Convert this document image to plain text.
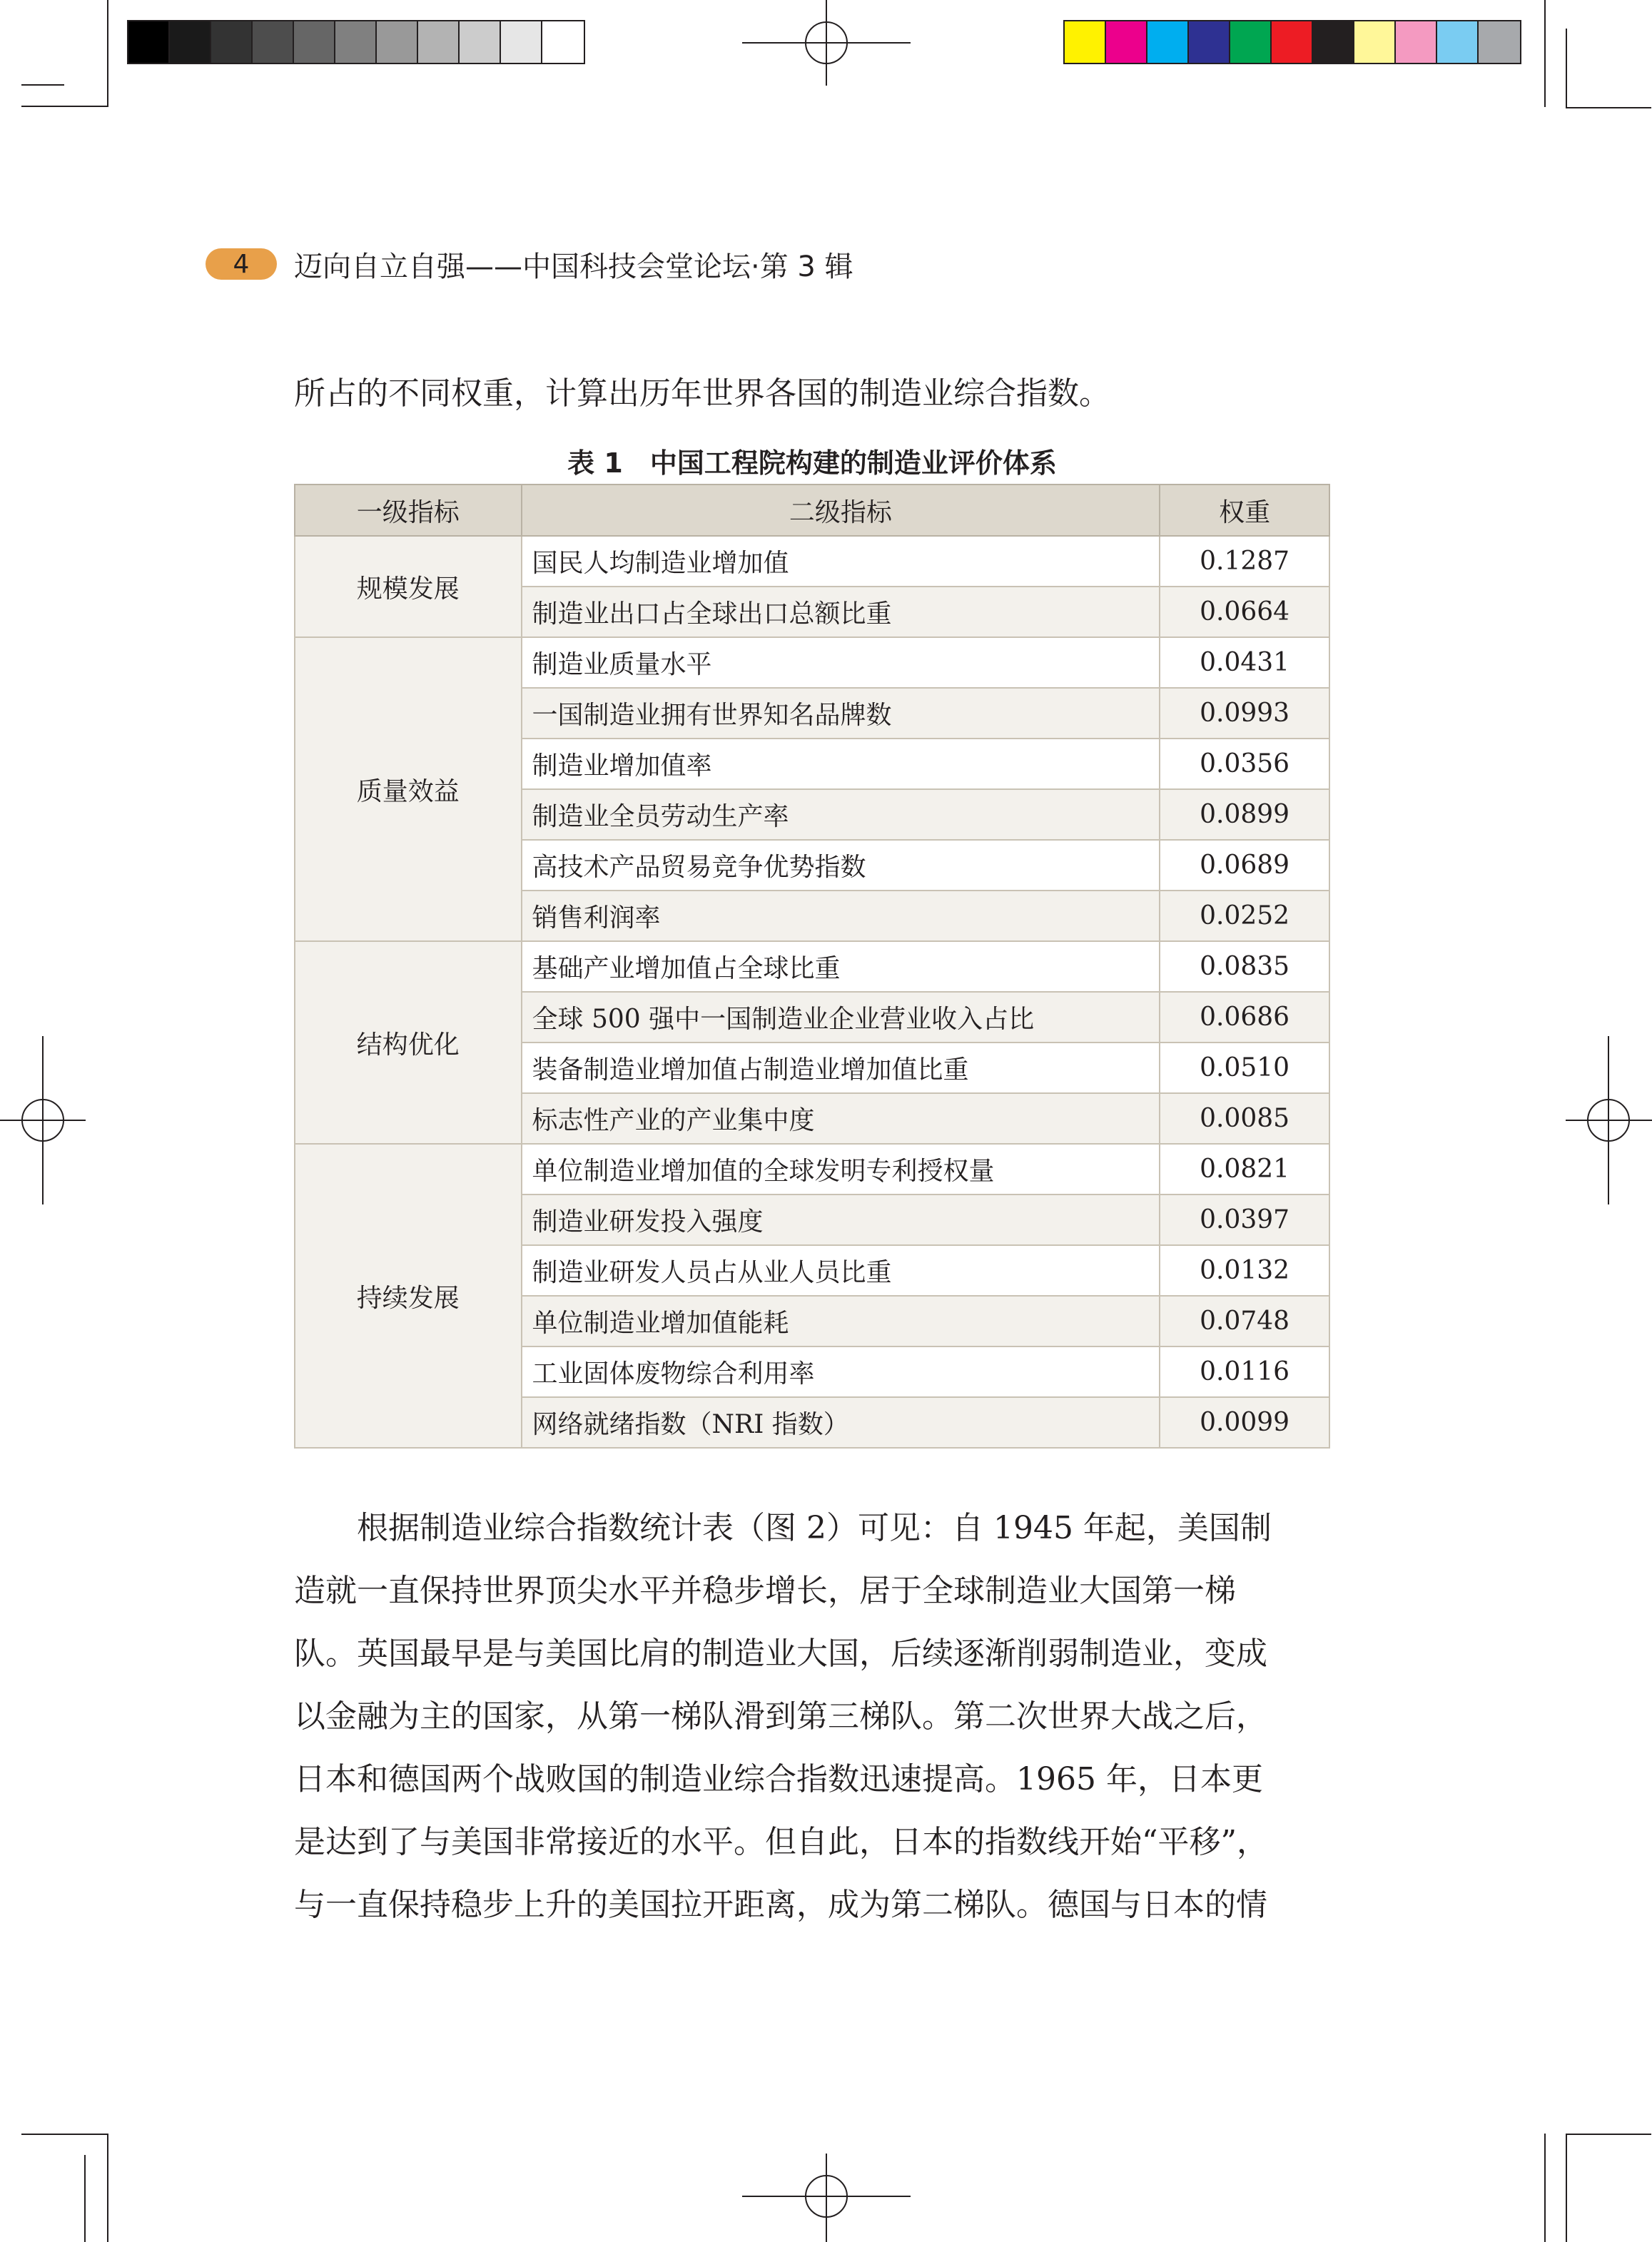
4	迈向自立自强——中国科技会堂论坛·第 3 辑
所占的不同权重，计算出历年世界各国的制造业综合指数。
表 1　中国工程院构建的制造业评价体系
一级指标	二级指标	权重
规模发展	国民人均制造业增加值	0.1287
	制造业出口占全球出口总额比重	0.0664
质量效益	制造业质量水平	0.0431
	一国制造业拥有世界知名品牌数	0.0993
	制造业增加值率	0.0356
	制造业全员劳动生产率	0.0899
	高技术产品贸易竞争优势指数	0.0689
	销售利润率	0.0252
结构优化	基础产业增加值占全球比重	0.0835
	全球 500 强中一国制造业企业营业收入占比	0.0686
	装备制造业增加值占制造业增加值比重	0.0510
	标志性产业的产业集中度	0.0085
持续发展	单位制造业增加值的全球发明专利授权量	0.0821
	制造业研发投入强度	0.0397
	制造业研发人员占从业人员比重	0.0132
	单位制造业增加值能耗	0.0748
	工业固体废物综合利用率	0.0116
	网络就绪指数（NRI 指数）	0.0099
　　根据制造业综合指数统计表（图 2）可见：自 1945 年起，美国制
造就一直保持世界顶尖水平并稳步增长，居于全球制造业大国第一梯
队。英国最早是与美国比肩的制造业大国，后续逐渐削弱制造业，变成
以金融为主的国家，从第一梯队滑到第三梯队。第二次世界大战之后，
日本和德国两个战败国的制造业综合指数迅速提高。1965 年，日本更
是达到了与美国非常接近的水平。但自此，日本的指数线开始“平移”，
与一直保持稳步上升的美国拉开距离，成为第二梯队。德国与日本的情
